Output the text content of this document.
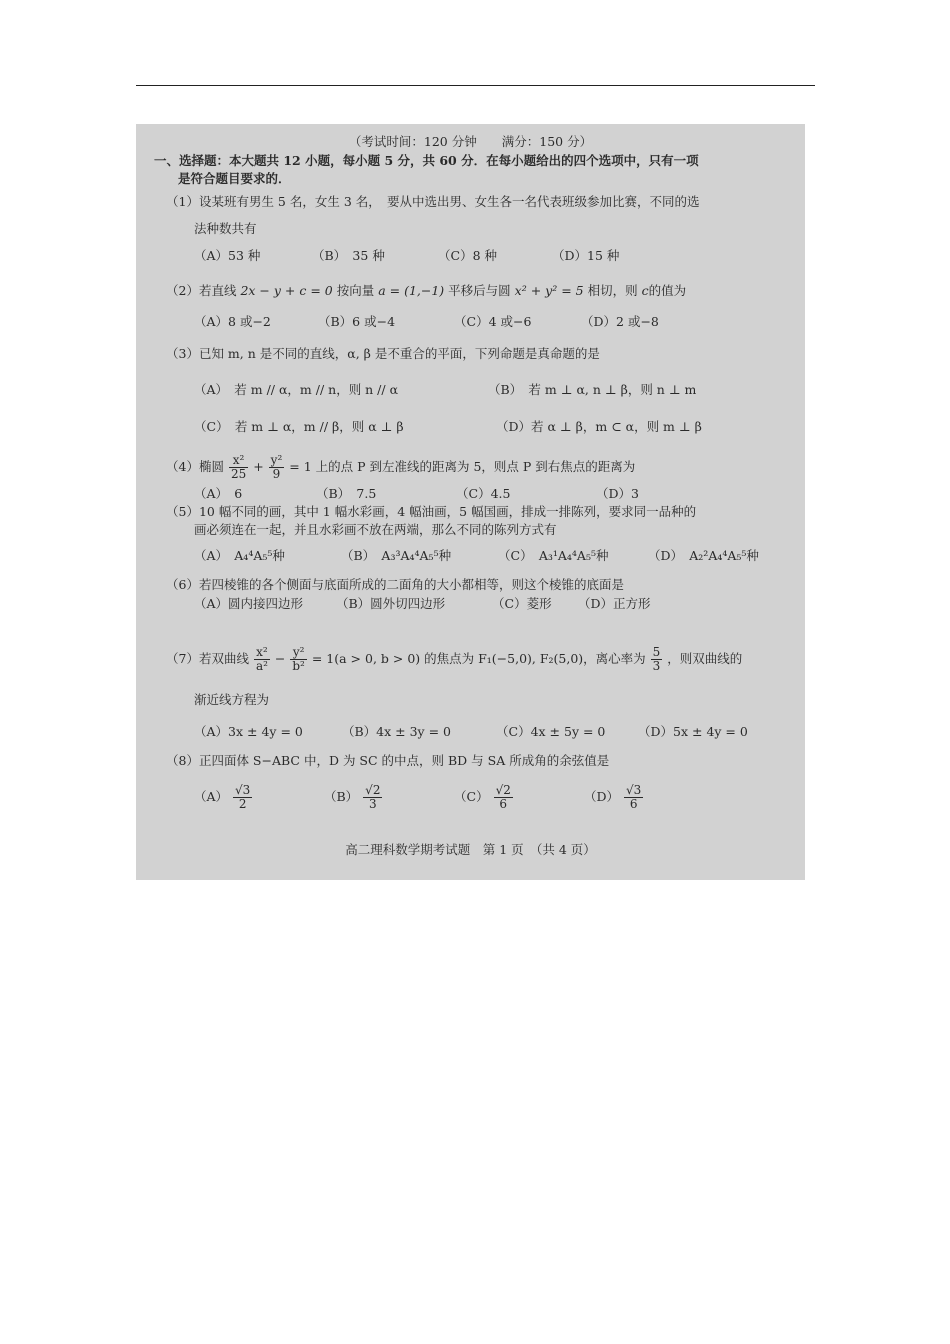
（考试时间：120 分钟　　满分：150 分）
一、选择题：本大题共 12 小题，每小题 5 分，共 60 分．在每小题给出的四个选项中，只有一项
是符合题目要求的．
（1）设某班有男生 5 名，女生 3 名，　要从中选出男、女生各一名代表班级参加比赛，不同的选
法种数共有
（A）53 种	（B）　35 种	（C）8 种	（D）15 种
（2）若直线 2x − y + c = 0 按向量 a = (1,−1) 平移后与圆 x² + y² = 5 相切，则 c的值为
（A）8 或−2	（B）6 或−4	（C）4 或−6	（D）2 或−8
（3）已知 m, n 是不同的直线，α, β 是不重合的平面，下列命题是真命题的是
（A）　若 m // α，m // n，则 n // α	（B）　若 m ⊥ α, n ⊥ β，则 n ⊥ m
（C）　若 m ⊥ α，m // β，则 α ⊥ β	（D）若 α ⊥ β，m ⊂ α，则 m ⊥ β
（4）椭圆 $\frac{\text{x²}}{25} + \frac{\text{y²}}{9} = 1$ 上的点 P 到左准线的距离为 5，则点 P 到右焦点的距离为
（A）　6	（B）　7.5	（C）4.5	（D）3
（5）10 幅不同的画，其中 1 幅水彩画，4 幅油画，5 幅国画，排成一排陈列，要求同一品种的
画必须连在一起，并且水彩画不放在两端，那么不同的陈列方式有
（A）　A₄⁴A₅⁵种	（B）　A₃³A₄⁴A₅⁵种	（C）　A₃¹A₄⁴A₅⁵种	（D）　A₂²A₄⁴A₅⁵种
（6）若四棱锥的各个侧面与底面所成的二面角的大小都相等，则这个棱锥的底面是
（A）圆内接四边形	（B）圆外切四边形	（C）菱形 （D）正方形
（7）若双曲线 $\frac{\text{x²}}{\text{a²}} - \frac{\text{y²}}{\text{b²}} = 1(a > 0$, b > 0) 的焦点为 F₁(−5,0), F₂(5,0)，离心率为 $\frac{5}{3}$ ，则双曲线的
渐近线方程为
（A）3x ± 4y = 0	（B）4x ± 3y = 0	（C）4x ± 5y = 0	（D）5x ± 4y = 0
（8）正四面体 S−ABC 中，D 为 SC 的中点，则 BD 与 SA 所成角的余弦值是
$(A) \frac{√3}{2}$	$(B) \frac{√2}{3}$	$(C) \frac{√2}{6}$	$(D) \frac{√3}{6}$
高二理科数学期考试题　第 1 页　（共 4 页）
